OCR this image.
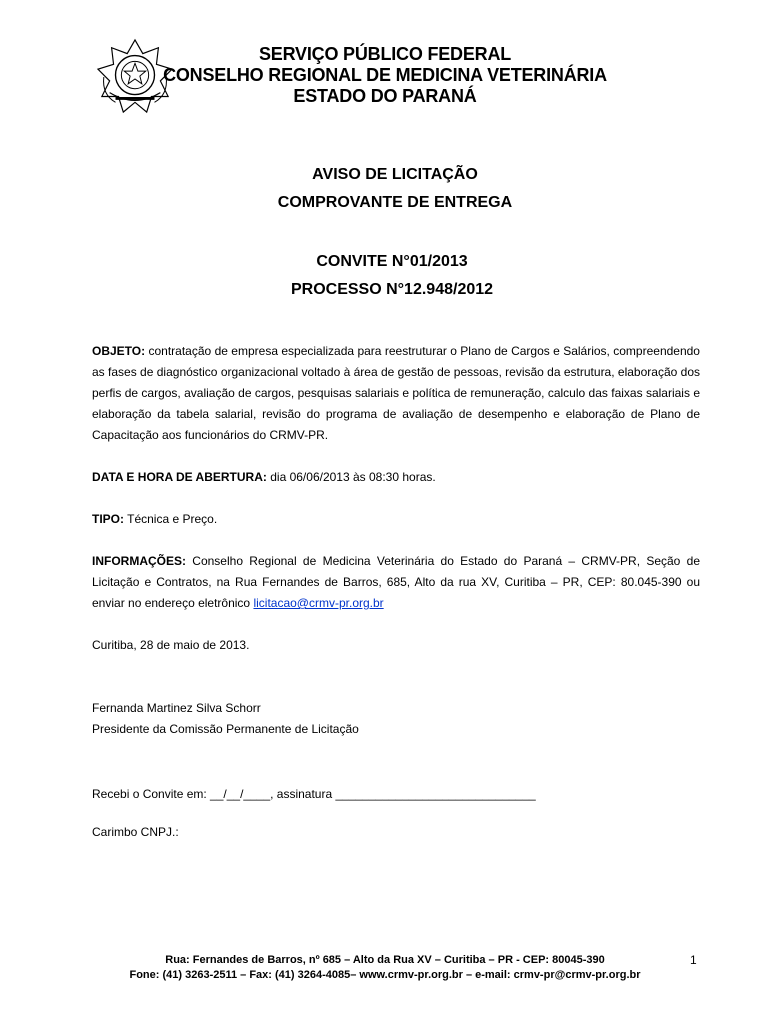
SERVIÇO PÚBLICO FEDERAL
CONSELHO REGIONAL DE MEDICINA VETERINÁRIA
ESTADO DO PARANÁ
AVISO DE LICITAÇÃO
COMPROVANTE DE ENTREGA
CONVITE N°01/2013
PROCESSO N°12.948/2012
OBJETO: contratação de empresa especializada para reestruturar o Plano de Cargos e Salários, compreendendo as fases de diagnóstico organizacional voltado à área de gestão de pessoas, revisão da estrutura, elaboração dos perfis de cargos, avaliação de cargos, pesquisas salariais e política de remuneração, calculo das faixas salariais e elaboração da tabela salarial, revisão do programa de avaliação de desempenho e elaboração de Plano de Capacitação aos funcionários do CRMV-PR.
DATA E HORA DE ABERTURA: dia 06/06/2013 às 08:30 horas.
TIPO: Técnica e Preço.
INFORMAÇÕES: Conselho Regional de Medicina Veterinária do Estado do Paraná – CRMV-PR, Seção de Licitação e Contratos, na Rua Fernandes de Barros, 685, Alto da rua XV, Curitiba – PR, CEP: 80.045-390 ou enviar no endereço eletrônico licitacao@crmv-pr.org.br
Curitiba, 28 de maio de 2013.
Fernanda Martinez Silva Schorr
Presidente da Comissão Permanente de Licitação
Recebi o Convite em: __/__/____, assinatura ______________________________
Carimbo CNPJ.:
Rua: Fernandes de Barros, nº 685 – Alto da Rua XV – Curitiba – PR - CEP: 80045-390
Fone: (41) 3263-2511 – Fax: (41) 3264-4085– www.crmv-pr.org.br – e-mail: crmv-pr@crmv-pr.org.br
1
